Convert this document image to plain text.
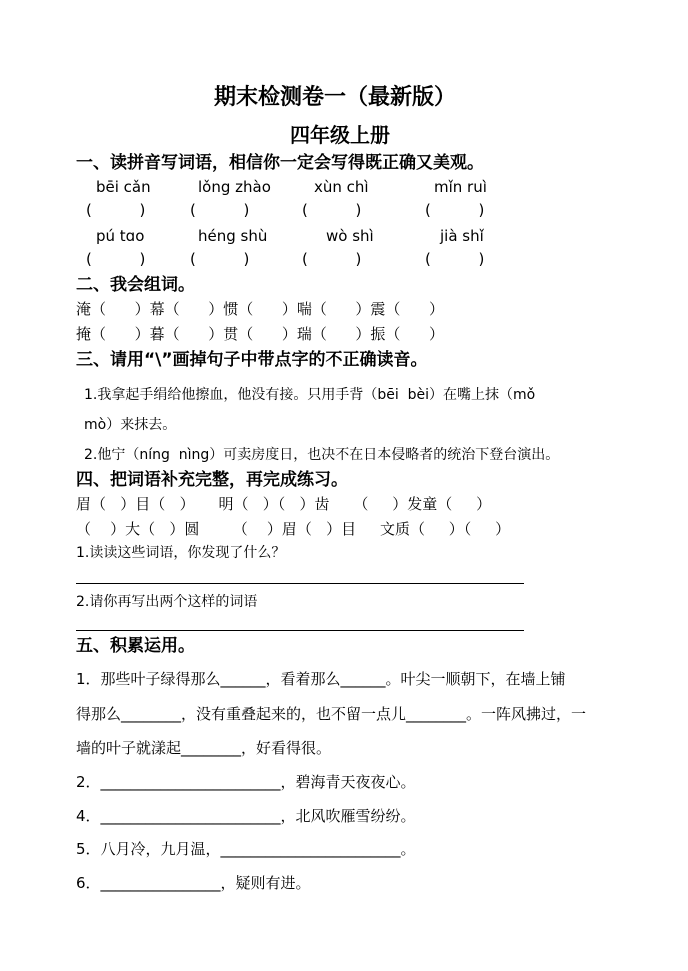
期末检测卷一（最新版）
四年级上册
一、读拼音写词语，相信你一定会写得既正确又美观。
bēi cǎn	lǒng zhào	xùn chì	mǐn ruì
(          )	(          )	(          )	(          )
pú tɑo	héng shù	wò shì	jià shǐ
(          )	(          )	(          )	(          )
二、我会组词。
淹（      ）幕（      ）惯（      ）喘（      ）震（      ）
掩（      ）暮（      ）贯（      ）瑞（      ）振（      ）
三、请用“\”画掉句子中带点字的不正确读音。
1.我拿起手绢给他擦血，他没有接。只用手背（bēi  bèi）在嘴上抹（mǒ
mò）来抹去。
2.他宁（níng  nìng）可卖房度日，也决不在日本侵略者的统治下登台演出。
四、把词语补充完整，再完成练习。
眉（   ）目（   ）     明（   ）（   ）齿     （     ）发童（     ）
（    ）大（   ）圆       （    ）眉（   ）目     文质（     ）（     ）
1.读读这些词语，你发现了什么？
2.请你再写出两个这样的词语
五、积累运用。
1．那些叶子绿得那么______，看着那么______。叶尖一顺朝下，在墙上铺
得那么________，没有重叠起来的，也不留一点儿________。一阵风拂过，一
墙的叶子就漾起________，好看得很。
2．________________________，碧海青天夜夜心。
4．________________________，北风吹雁雪纷纷。
5．八月冷，九月温，________________________。
6．________________，疑则有进。
